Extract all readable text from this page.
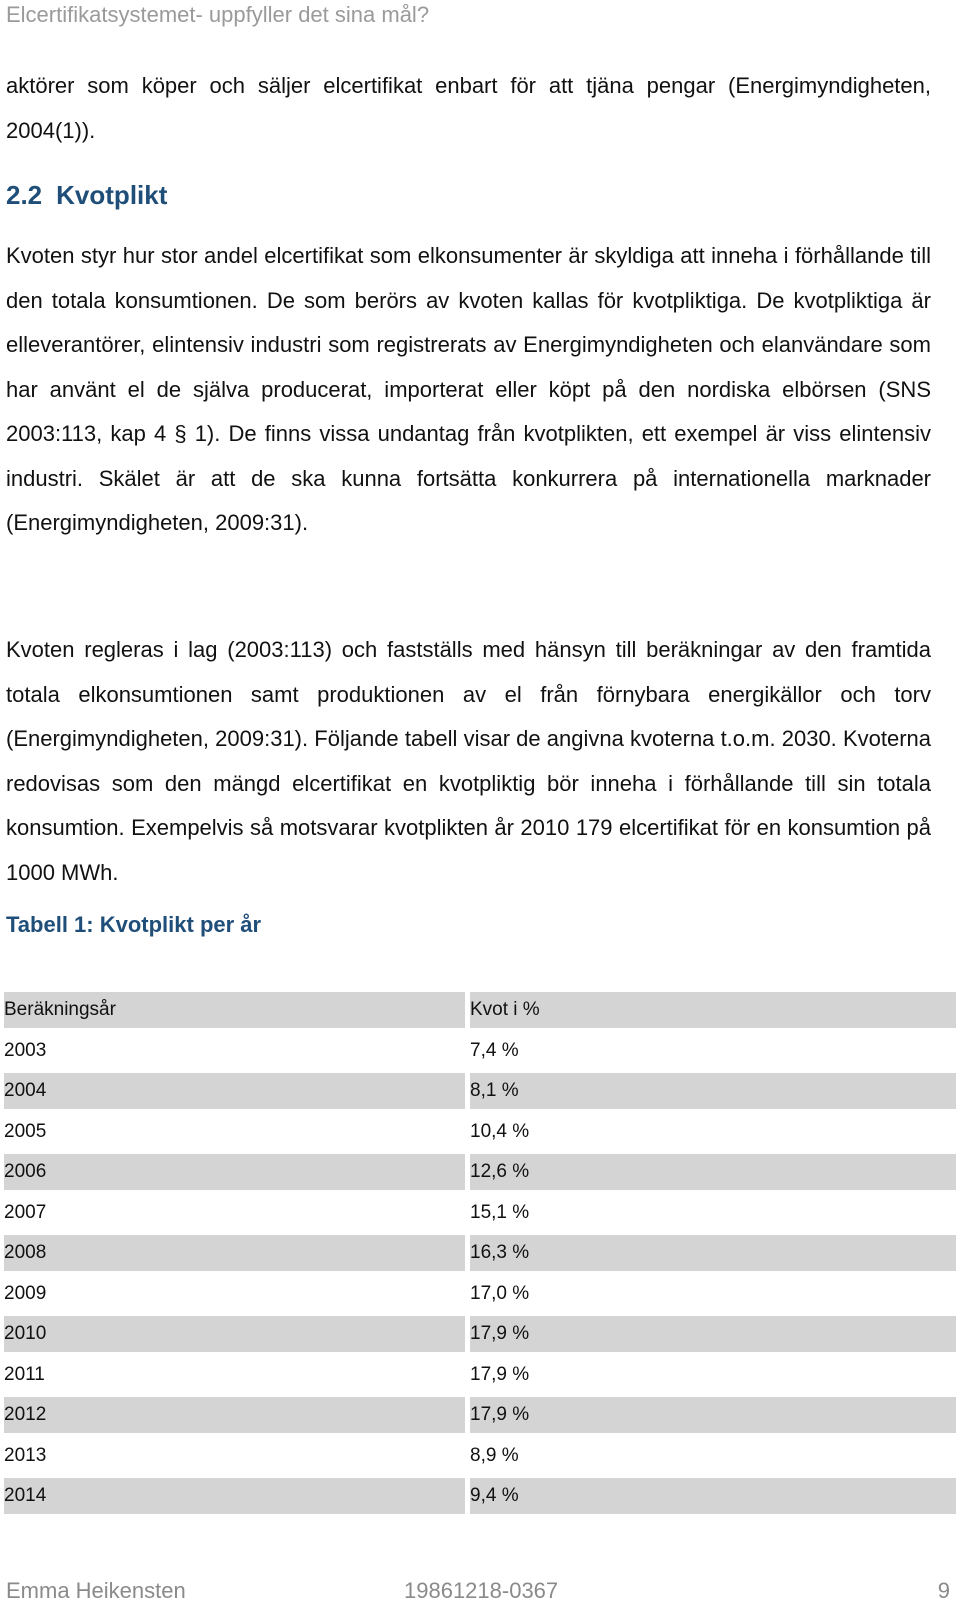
Elcertifikatsystemet- uppfyller det sina mål?

aktörer som köper och säljer elcertifikat enbart för att tjäna pengar (Energimyndigheten, 2004(1)).

2.2 Kvotplikt

Kvoten styr hur stor andel elcertifikat som elkonsumenter är skyldiga att inneha i förhållande till den totala konsumtionen. De som berörs av kvoten kallas för kvotpliktiga. De kvotpliktiga är elleverantörer, elintensiv industri som registrerats av Energimyndigheten och elanvändare som har använt el de själva producerat, importerat eller köpt på den nordiska elbörsen (SNS 2003:113, kap 4 § 1). De finns vissa undantag från kvotplikten, ett exempel är viss elintensiv industri. Skälet är att de ska kunna fortsätta konkurrera på internationella marknader (Energimyndigheten, 2009:31).

Kvoten regleras i lag (2003:113) och fastställs med hänsyn till beräkningar av den framtida totala elkonsumtionen samt produktionen av el från förnybara energikällor och torv (Energimyndigheten, 2009:31). Följande tabell visar de angivna kvoterna t.o.m. 2030. Kvoterna redovisas som den mängd elcertifikat en kvotpliktig bör inneha i förhållande till sin totala konsumtion. Exempelvis så motsvarar kvotplikten år 2010 179 elcertifikat för en konsumtion på 1000 MWh.

Tabell 1: Kvotplikt per år
Beräkningsår	Kvot i %
2003	7,4 %
2004	8,1 %
2005	10,4 %
2006	12,6 %
2007	15,1 %
2008	16,3 %
2009	17,0 %
2010	17,9 %
2011	17,9 %
2012	17,9 %
2013	8,9 %
2014	9,4 %
Emma Heikensten	19861218-0367	9
